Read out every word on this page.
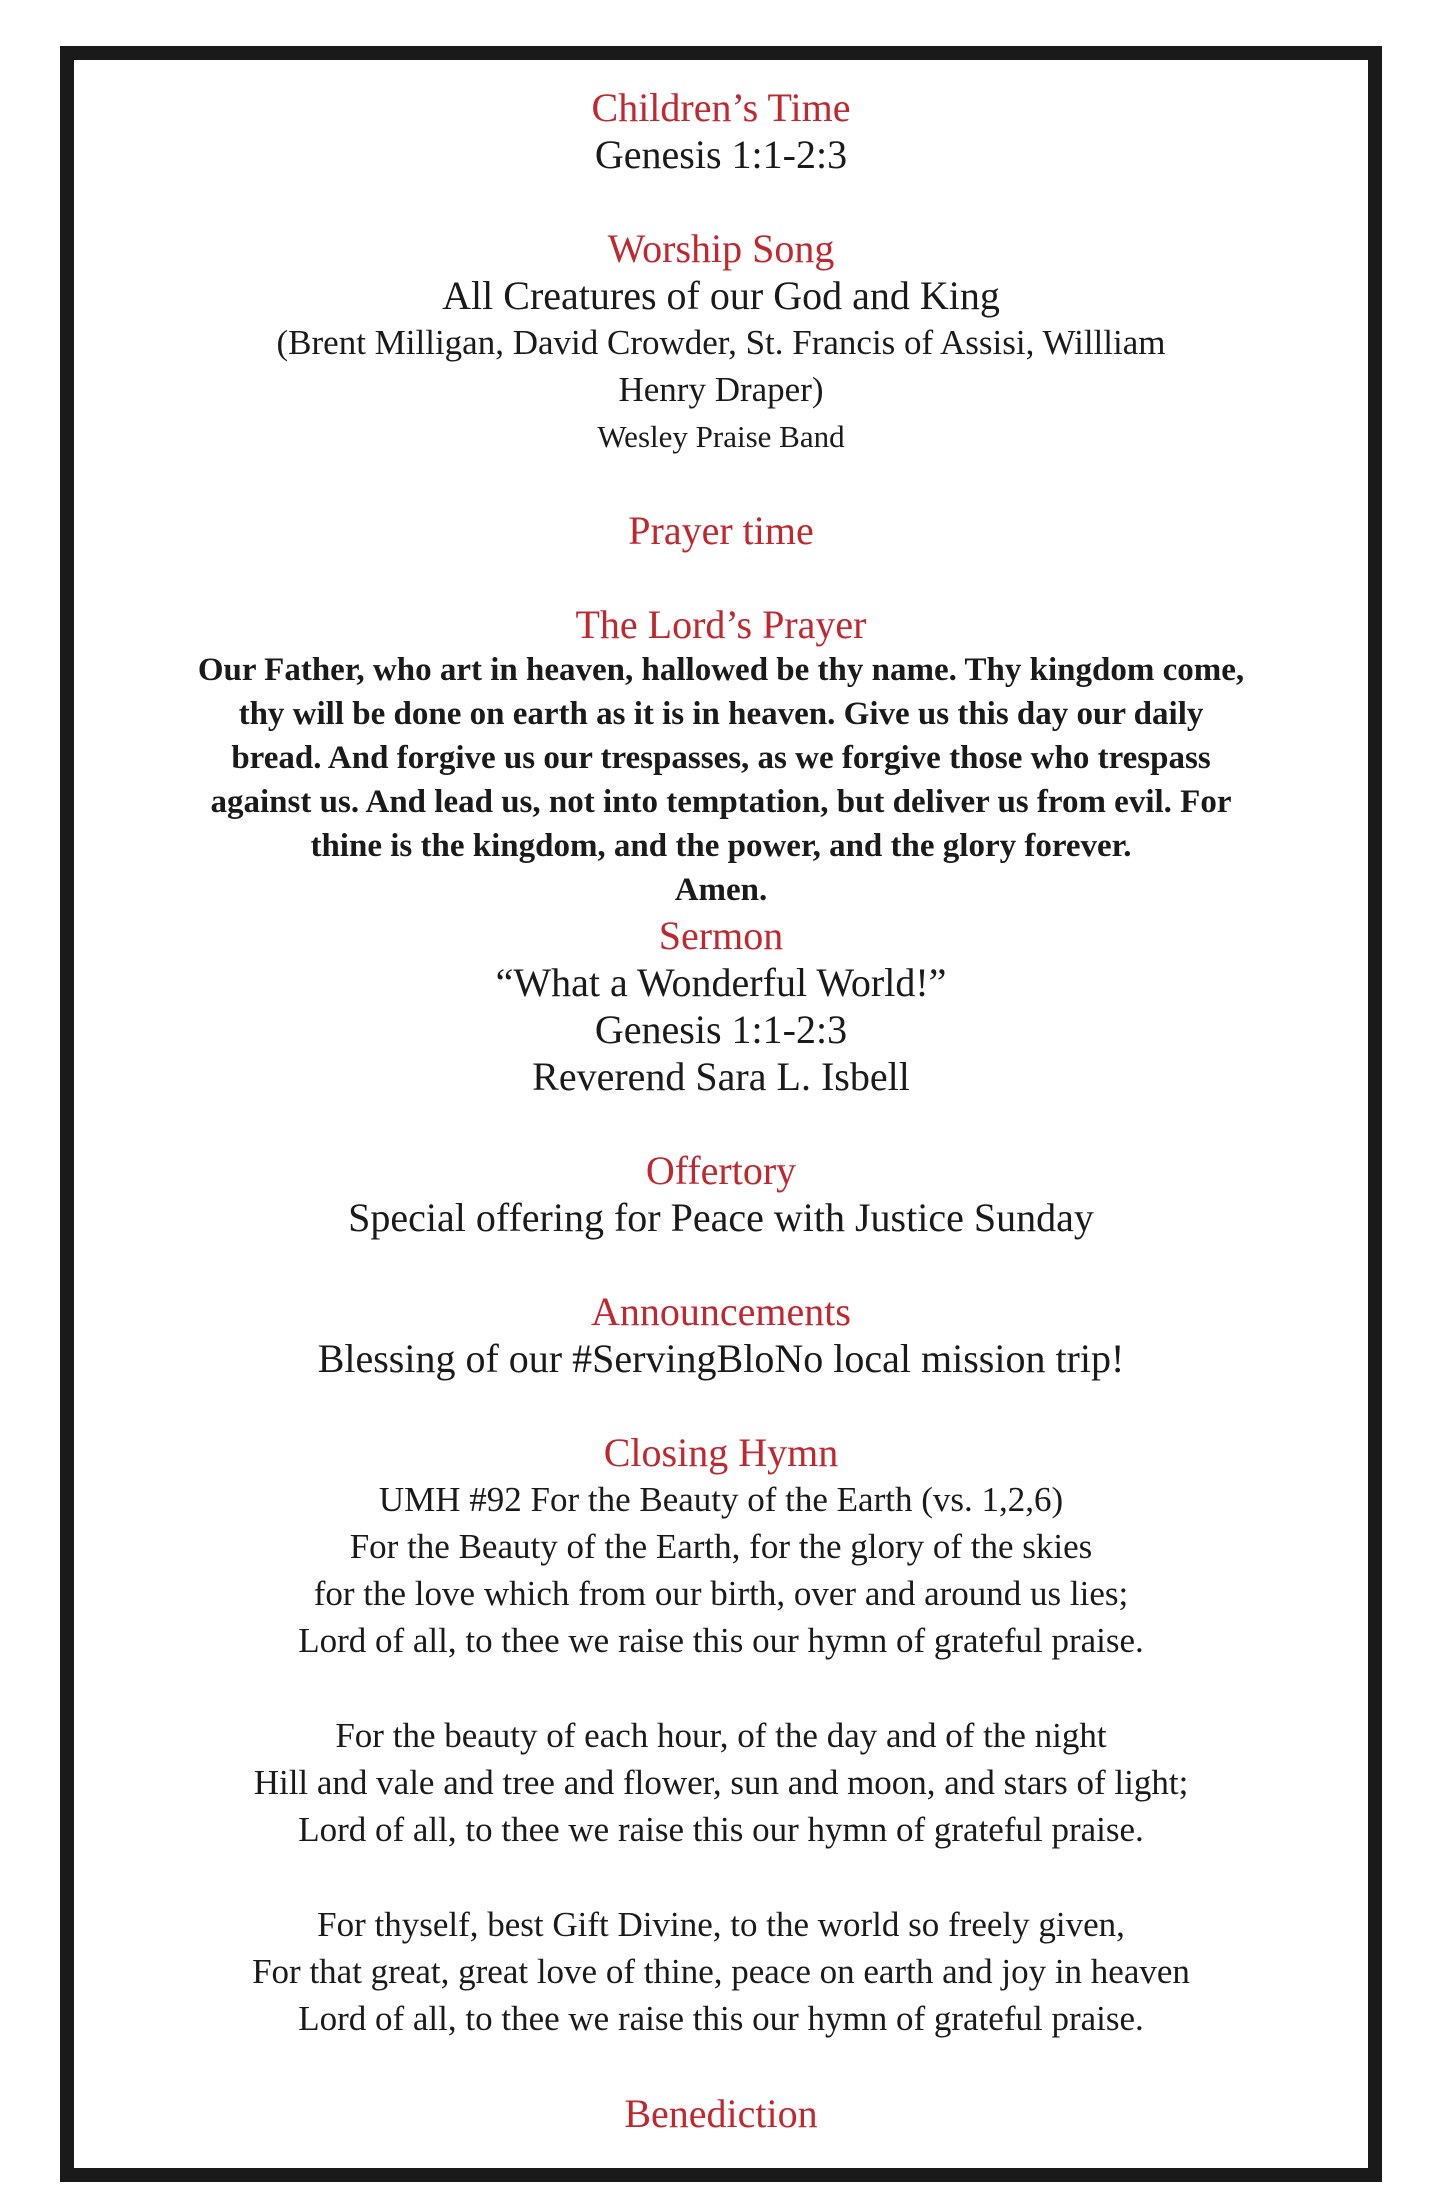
Children’s Time
Genesis 1:1-2:3
Worship Song
All Creatures of our God and King
(Brent Milligan, David Crowder, St. Francis of Assisi, Willliam
Henry Draper)
Wesley Praise Band
Prayer time
The Lord’s Prayer
Our Father, who art in heaven, hallowed be thy name. Thy kingdom come,
thy will be done on earth as it is in heaven. Give us this day our daily
bread. And forgive us our trespasses, as we forgive those who trespass
against us. And lead us, not into temptation, but deliver us from evil. For
thine is the kingdom, and the power, and the glory forever.
Amen.
Sermon
“What a Wonderful World!”
Genesis 1:1-2:3
Reverend Sara L. Isbell
Offertory
Special offering for Peace with Justice Sunday
Announcements
Blessing of our #ServingBloNo local mission trip!
Closing Hymn
UMH #92 For the Beauty of the Earth (vs. 1,2,6)
For the Beauty of the Earth, for the glory of the skies
for the love which from our birth, over and around us lies;
Lord of all, to thee we raise this our hymn of grateful praise.
For the beauty of each hour, of the day and of the night
Hill and vale and tree and flower, sun and moon, and stars of light;
Lord of all, to thee we raise this our hymn of grateful praise.
For thyself, best Gift Divine, to the world so freely given,
For that great, great love of thine, peace on earth and joy in heaven
Lord of all, to thee we raise this our hymn of grateful praise.
Benediction
